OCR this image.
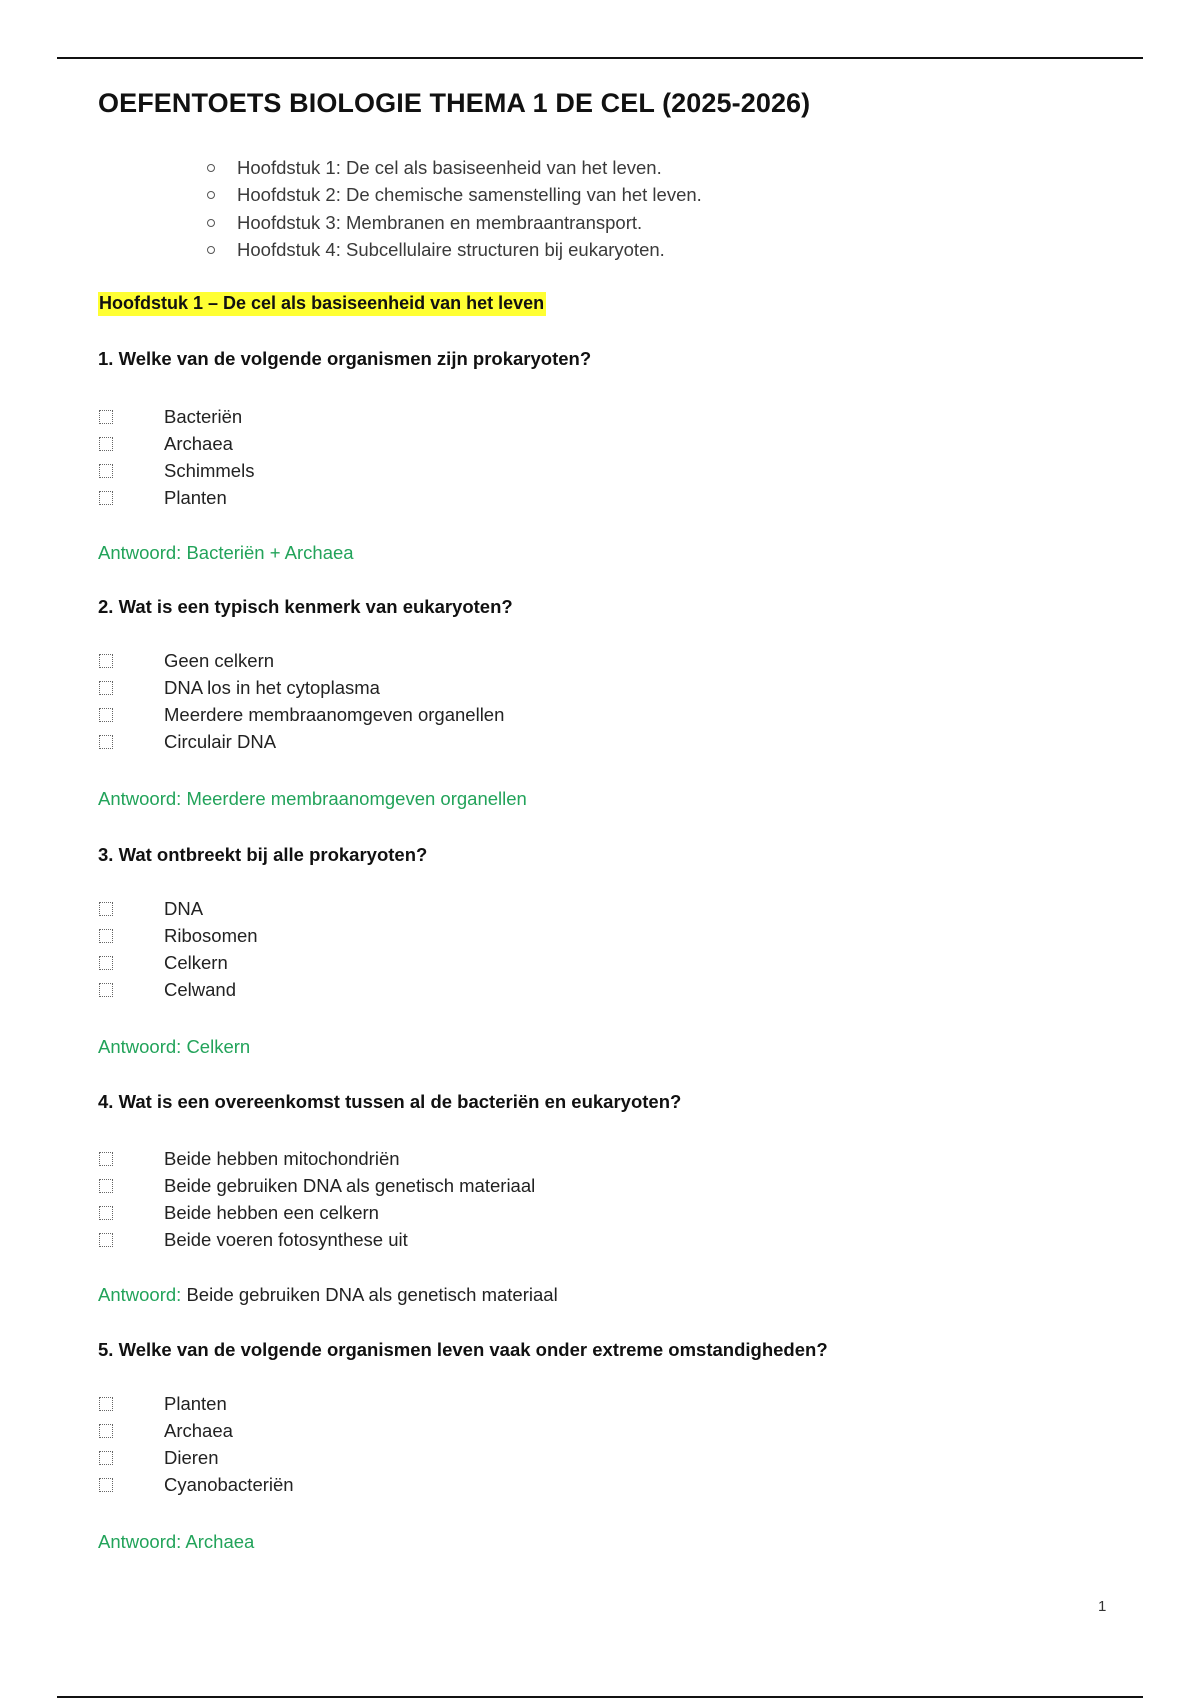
OEFENTOETS BIOLOGIE THEMA 1 DE CEL (2025-2026)
Hoofdstuk 1: De cel als basiseenheid van het leven.
Hoofdstuk 2: De chemische samenstelling van het leven.
Hoofdstuk 3: Membranen en membraantransport.
Hoofdstuk 4: Subcellulaire structuren bij eukaryoten.
Hoofdstuk 1 – De cel als basiseenheid van het leven
1. Welke van de volgende organismen zijn prokaryoten?
Bacteriën
Archaea
Schimmels
Planten
Antwoord: Bacteriën + Archaea
2. Wat is een typisch kenmerk van eukaryoten?
Geen celkern
DNA los in het cytoplasma
Meerdere membraanomgeven organellen
Circulair DNA
Antwoord: Meerdere membraanomgeven organellen
3. Wat ontbreekt bij alle prokaryoten?
DNA
Ribosomen
Celkern
Celwand
Antwoord: Celkern
4. Wat is een overeenkomst tussen al de bacteriën en eukaryoten?
Beide hebben mitochondriën
Beide gebruiken DNA als genetisch materiaal
Beide hebben een celkern
Beide voeren fotosynthese uit
Antwoord: Beide gebruiken DNA als genetisch materiaal
5. Welke van de volgende organismen leven vaak onder extreme omstandigheden?
Planten
Archaea
Dieren
Cyanobacteriën
Antwoord: Archaea
1
